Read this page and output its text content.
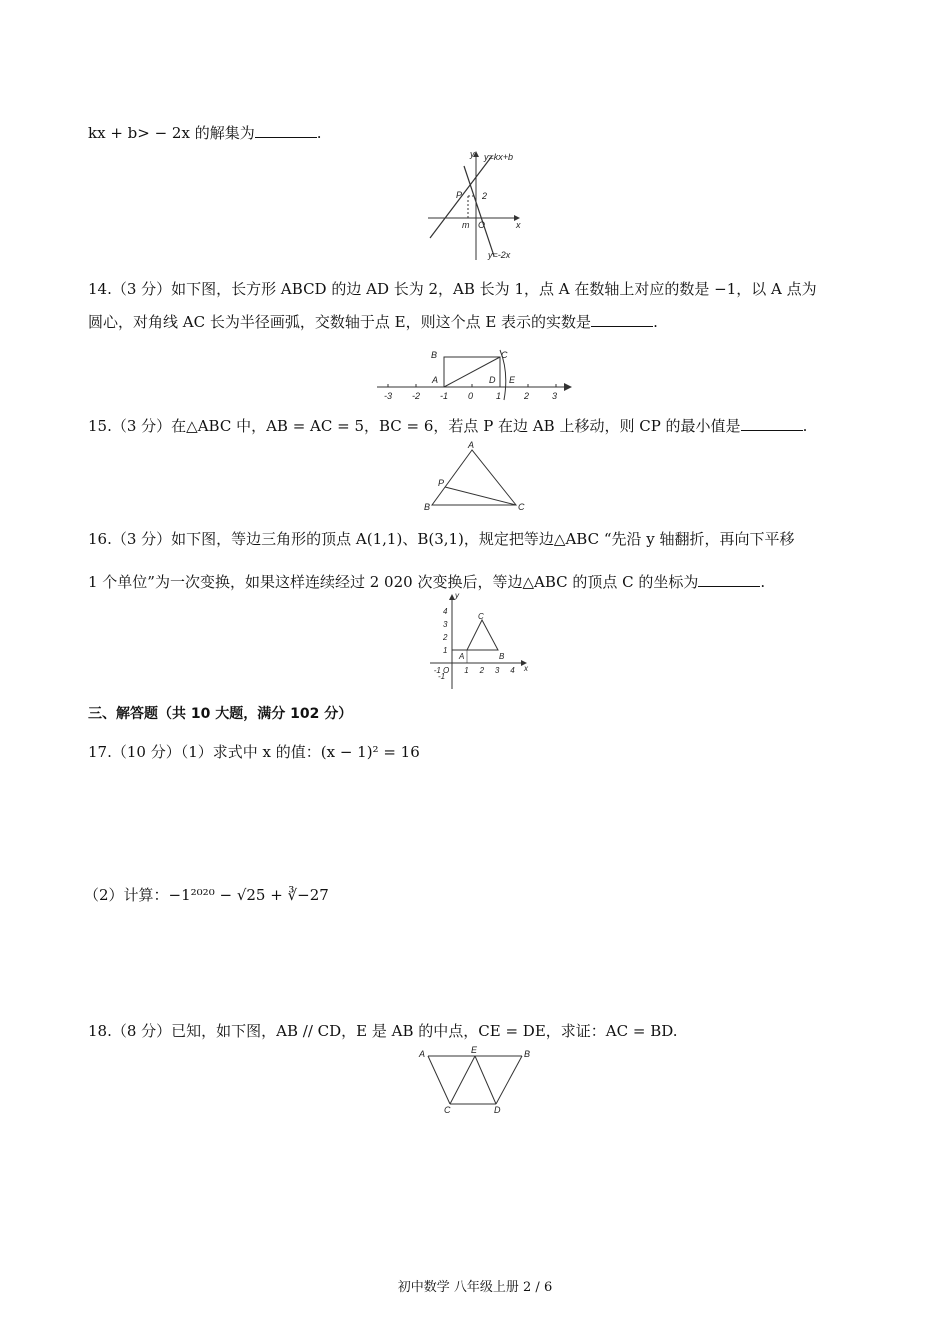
kx + b> − 2x 的解集为	.
y
x
y=kx+b
y=-2x
P
O
m
2
14.（3 分）如下图，长方形 ABCD 的边 AD 长为 2，AB 长为 1，点 A 在数轴上对应的数是 −1，以 A 点为
圆心，对角线 AC 长为半径画弧，交数轴于点 E，则这个点 E 表示的实数是	.
B	C
A	D E
-3 -2 -1 0	1	2	3
15.（3 分）在△ABC 中，AB = AC = 5，BC = 6，若点 P 在边 AB 上移动，则 CP 的最小值是	.
A
B	C
P
16.（3 分）如下图，等边三角形的顶点 A(1,1)、B(3,1)，规定把等边△ABC “先沿 y 轴翻折，再向下平移
1 个单位”为一次变换，如果这样连续经过 2 020 次变换后，等边△ABC 的顶点 C 的坐标为	.
y
x
A	B
C
O
4
3
2
1
-1
-1	1 2 3 4
三、解答题（共 10 大题，满分 102 分）
17.（10 分）（1）求式中 x 的值：(x − 1)² = 16
（2）计算：−1²⁰²⁰ − √25 + ∛−27
18.（8 分）已知，如下图，AB // CD，E 是 AB 的中点，CE = DE，求证：AC = BD.
A	E	B
C	D
初中数学 八年级上册 2 / 6
